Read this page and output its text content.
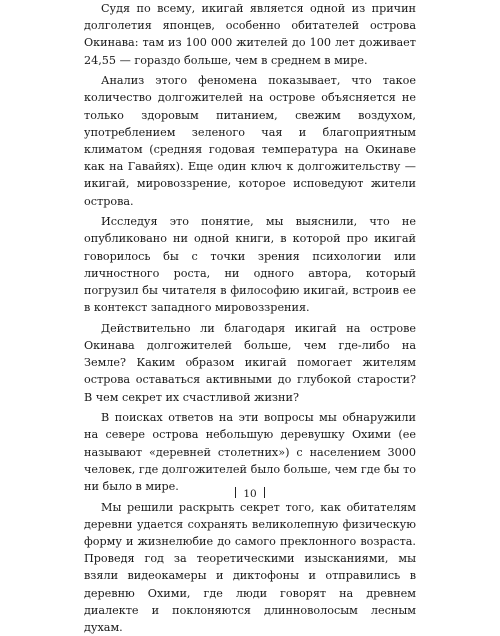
Судя по всему, икигай является одной из причин долголетия японцев, особенно обитателей острова Окинава: там из 100 000 жителей до 100 лет доживает 24,55 — гораздо больше, чем в среднем в мире.

Анализ этого феномена показывает, что такое количество долгожителей на острове объясняется не только здоровым питанием, свежим воздухом, употреблением зеленого чая и благоприятным климатом (средняя годовая температура на Окинаве как на Гавайях). Еще один ключ к долгожительству — икигай, мировоззрение, которое исповедуют жители острова.

Исследуя это понятие, мы выяснили, что не опубликовано ни одной книги, в которой про икигай говорилось бы с точки зрения психологии или личностного роста, ни одного автора, который погрузил бы читателя в философию икигай, встроив ее в контекст западного мировоззрения.

Действительно ли благодаря икигай на острове Окинава долгожителей больше, чем где-либо на Земле? Каким образом икигай помогает жителям острова оставаться активными до глубокой старости? В чем секрет их счастливой жизни?

В поисках ответов на эти вопросы мы обнаружили на севере острова небольшую деревушку Охими (ее называют «деревней столетних») с населением 3000 человек, где долгожителей было больше, чем где бы то ни было в мире.

Мы решили раскрыть секрет того, как обитателям деревни удается сохранять великолепную физическую форму и жизнелюбие до самого преклонного возраста. Проведя год за теоретическими изысканиями, мы взяли видеокамеры и диктофоны и отправились в деревню Охими, где люди говорят на древнем диалекте и поклоняются длинноволосым лесным духам.

10
